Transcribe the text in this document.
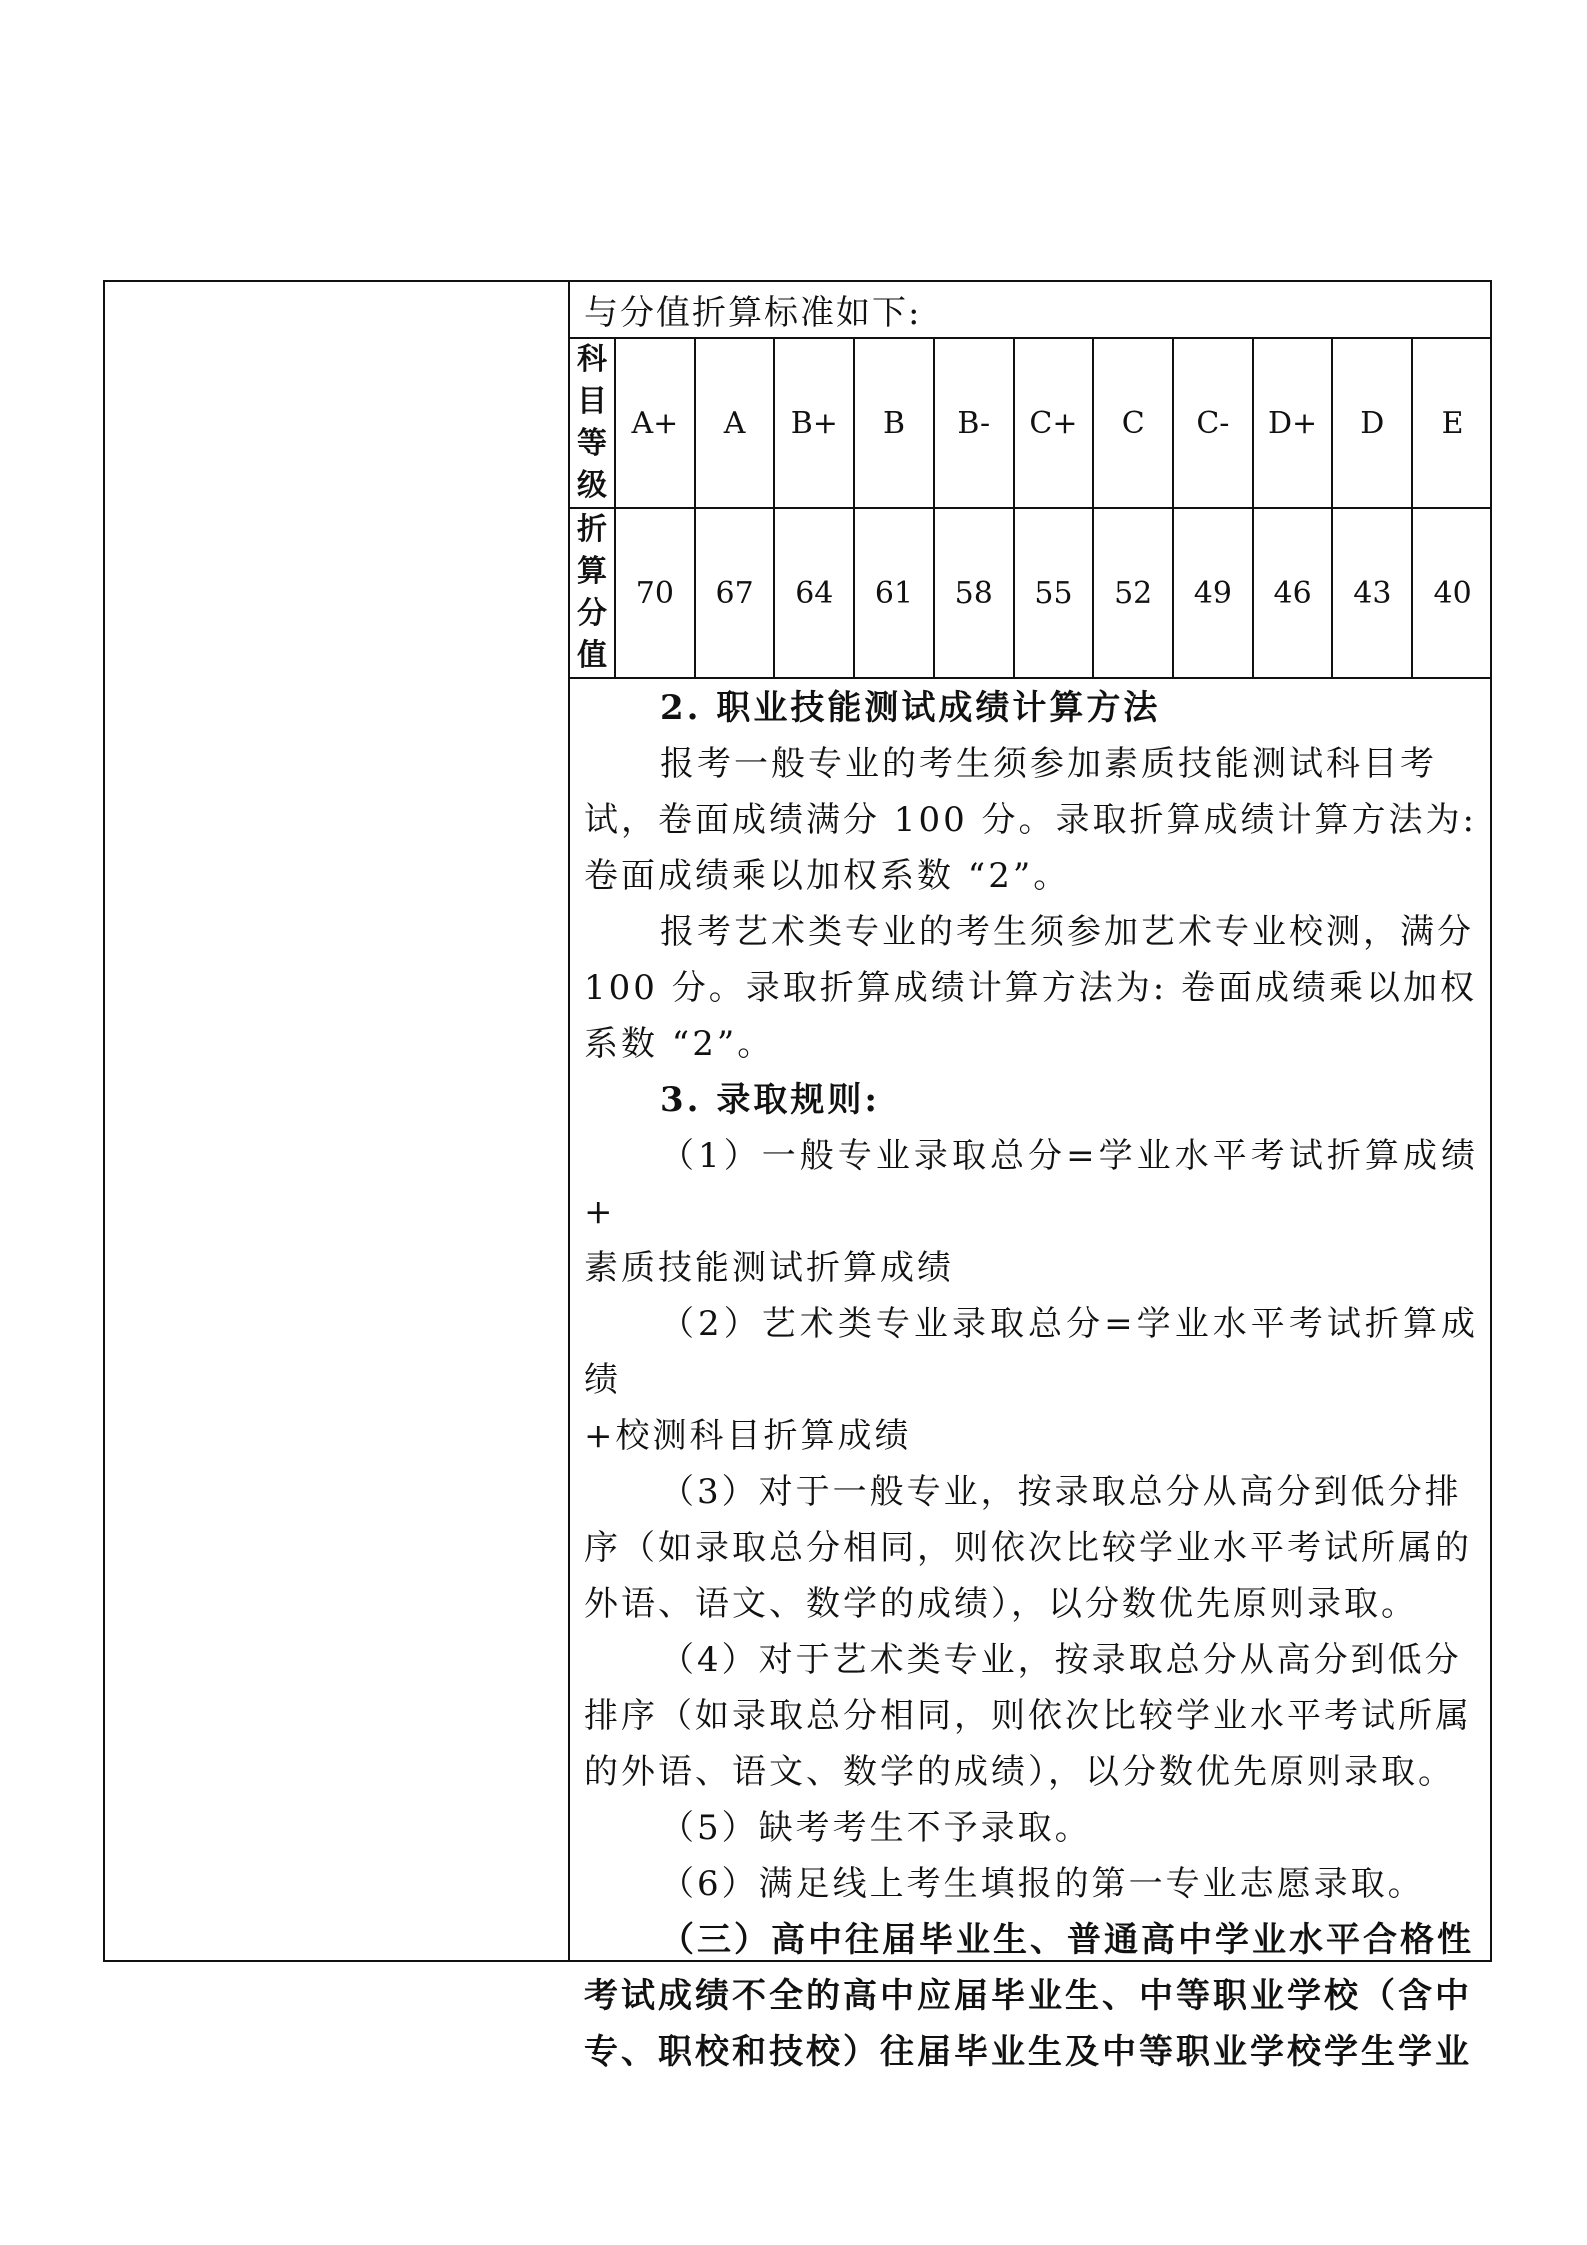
与分值折算标准如下:
科
目
等
级	A+	A	B+	B	B-	C+	C	C-	D+	D	E

折
算
分
值	70	67	64	61	58	55	52	49	46	43	40

2. 职业技能测试成绩计算方法

报考一般专业的考生须参加素质技能测试科目考

试，卷面成绩满分 100 分。录取折算成绩计算方法为:

卷面成绩乘以加权系数 “2”。

报考艺术类专业的考生须参加艺术专业校测，满分

100 分。录取折算成绩计算方法为: 卷面成绩乘以加权

系数 “2”。

3. 录取规则:

（1）一般专业录取总分=学业水平考试折算成绩+

素质技能测试折算成绩

（2）艺术类专业录取总分=学业水平考试折算成绩

+校测科目折算成绩

（3）对于一般专业，按录取总分从高分到低分排

序（如录取总分相同，则依次比较学业水平考试所属的

外语、语文、数学的成绩），以分数优先原则录取。

（4）对于艺术类专业，按录取总分从高分到低分

排序（如录取总分相同，则依次比较学业水平考试所属

的外语、语文、数学的成绩），以分数优先原则录取。

（5）缺考考生不予录取。

（6）满足线上考生填报的第一专业志愿录取。

（三）高中往届毕业生、普通高中学业水平合格性

考试成绩不全的高中应届毕业生、中等职业学校（含中

专、职校和技校）往届毕业生及中等职业学校学生学业
